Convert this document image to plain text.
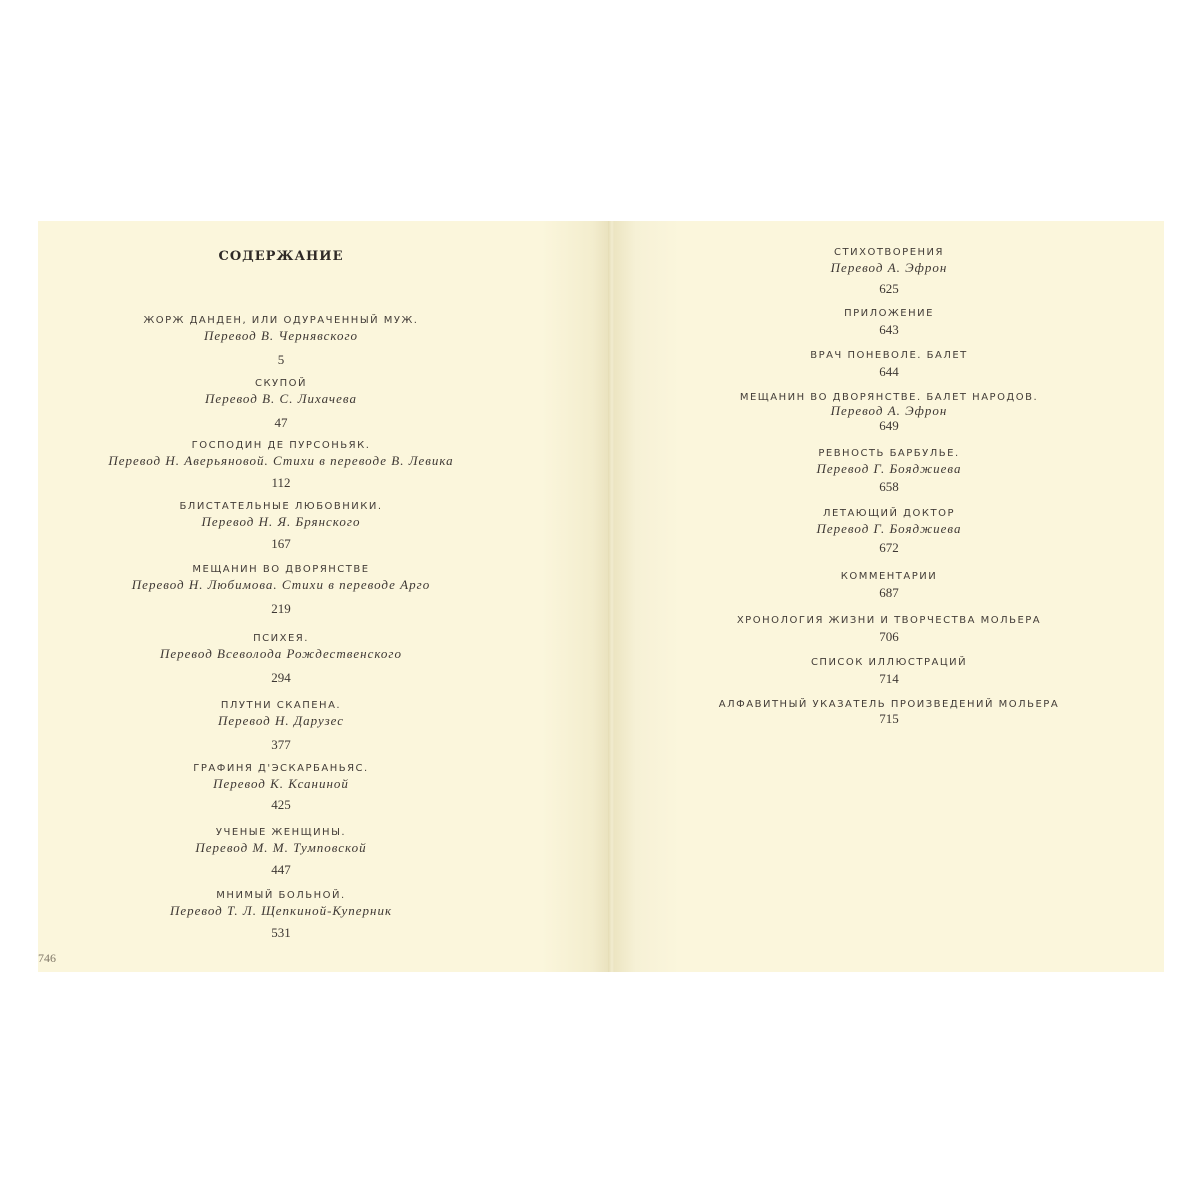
СОДЕРЖАНИЕ
ЖОРЖ ДАНДЕН, ИЛИ ОДУРАЧЕННЫЙ МУЖ.
Перевод В. Чернявского
5
СКУПОЙ
Перевод В. С. Лихачева
47
ГОСПОДИН ДЕ ПУРСОНЬЯК.
Перевод Н. Аверьяновой. Стихи в переводе В. Левика
112
БЛИСТАТЕЛЬНЫЕ ЛЮБОВНИКИ.
Перевод Н. Я. Брянского
167
МЕЩАНИН ВО ДВОРЯНСТВЕ
Перевод Н. Любимова. Стихи в переводе Арго
219
ПСИХЕЯ.
Перевод Всеволода Рождественского
294
ПЛУТНИ СКАПЕНА.
Перевод Н. Дарузес
377
ГРАФИНЯ Д'ЭСКАРБАНЬЯС.
Перевод К. Ксаниной
425
УЧЕНЫЕ ЖЕНЩИНЫ.
Перевод М. М. Тумповской
447
МНИМЫЙ БОЛЬНОЙ.
Перевод Т. Л. Щепкиной-Куперник
531
746
СТИХОТВОРЕНИЯ
Перевод А. Эфрон
625
ПРИЛОЖЕНИЕ
643
ВРАЧ ПОНЕВОЛЕ. БАЛЕТ
644
МЕЩАНИН ВО ДВОРЯНСТВЕ. БАЛЕТ НАРОДОВ.
Перевод А. Эфрон
649
РЕВНОСТЬ БАРБУЛЬЕ.
Перевод Г. Бояджиева
658
ЛЕТАЮЩИЙ ДОКТОР
Перевод Г. Бояджиева
672
КОММЕНТАРИИ
687
ХРОНОЛОГИЯ ЖИЗНИ И ТВОРЧЕСТВА МОЛЬЕРА
706
СПИСОК ИЛЛЮСТРАЦИЙ
714
АЛФАВИТНЫЙ УКАЗАТЕЛЬ ПРОИЗВЕДЕНИЙ МОЛЬЕРА
715
